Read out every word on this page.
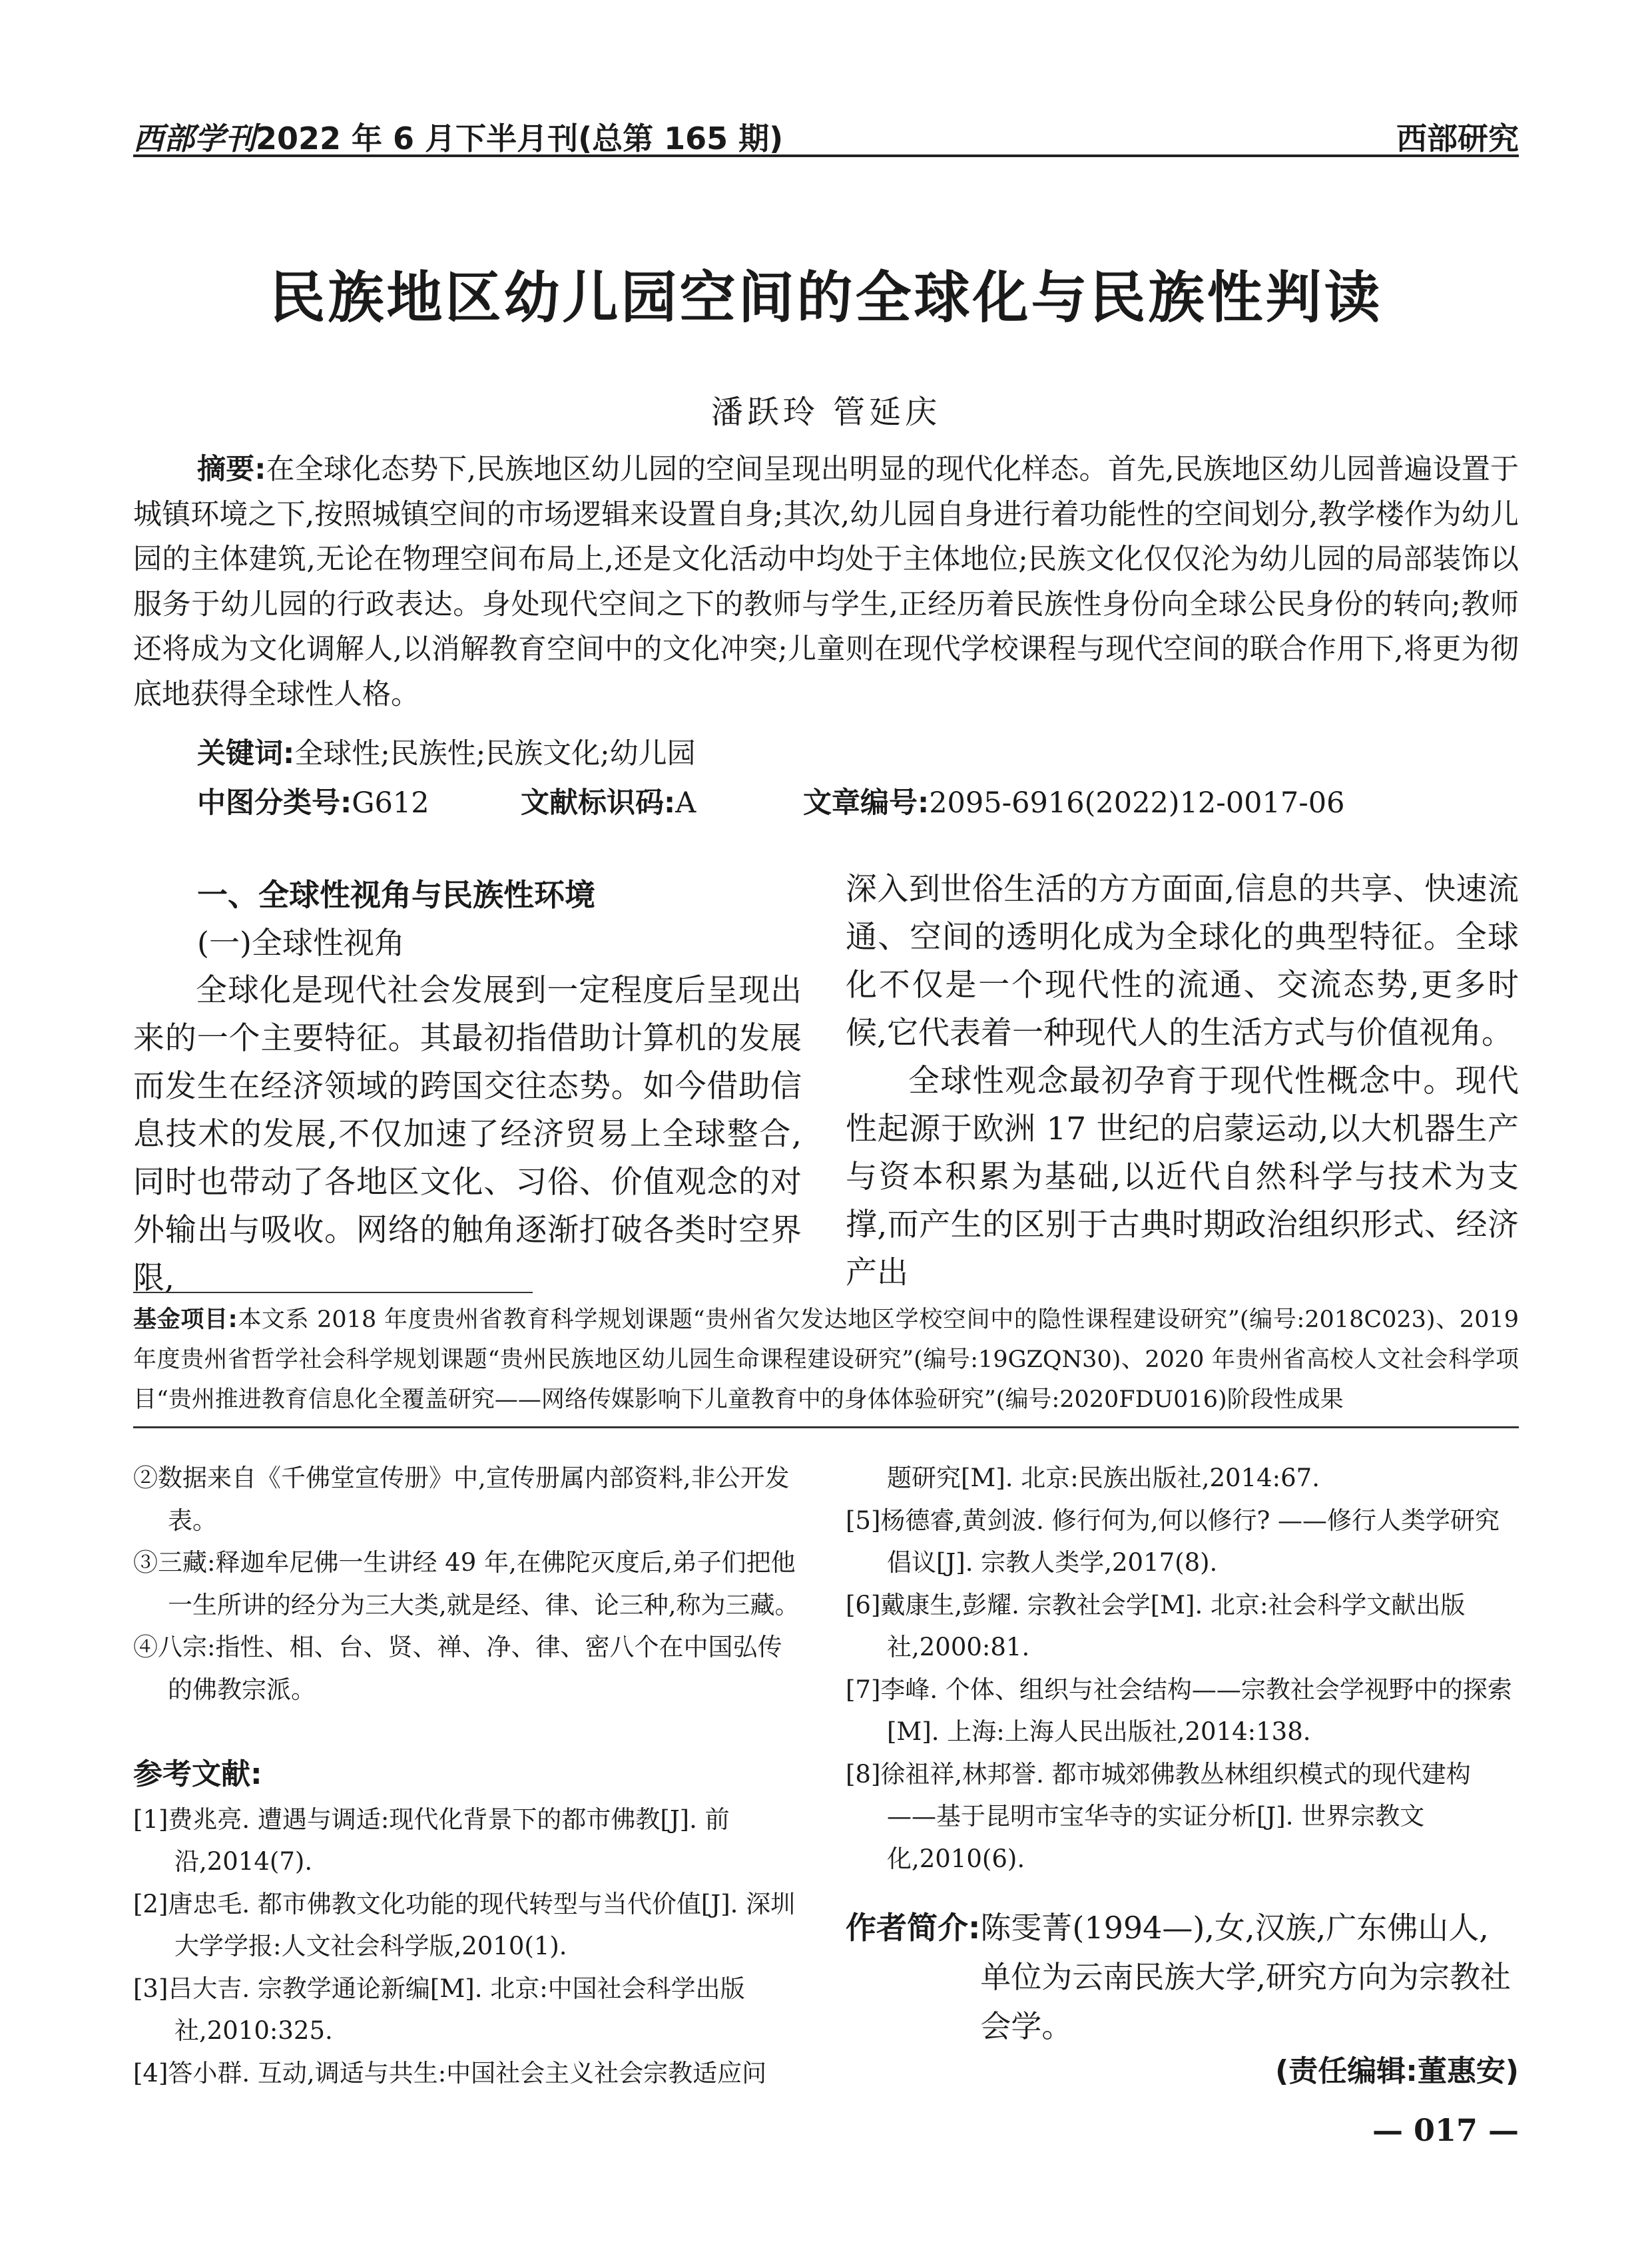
西部学刊2022 年 6 月下半月刊(总第 165 期)	西部研究
民族地区幼儿园空间的全球化与民族性判读
潘跃玲 管延庆
摘要:在全球化态势下,民族地区幼儿园的空间呈现出明显的现代化样态。首先,民族地区幼儿园普遍设置于城镇环境之下,按照城镇空间的市场逻辑来设置自身;其次,幼儿园自身进行着功能性的空间划分,教学楼作为幼儿园的主体建筑,无论在物理空间布局上,还是文化活动中均处于主体地位;民族文化仅仅沦为幼儿园的局部装饰以服务于幼儿园的行政表达。身处现代空间之下的教师与学生,正经历着民族性身份向全球公民身份的转向;教师还将成为文化调解人,以消解教育空间中的文化冲突;儿童则在现代学校课程与现代空间的联合作用下,将更为彻底地获得全球性人格。
关键词:全球性;民族性;民族文化;幼儿园
中图分类号:G612	文献标识码:A	文章编号:2095-6916(2022)12-0017-06
一、全球性视角与民族性环境
(一)全球性视角

全球化是现代社会发展到一定程度后呈现出来的一个主要特征。其最初指借助计算机的发展而发生在经济领域的跨国交往态势。如今借助信息技术的发展,不仅加速了经济贸易上全球整合,同时也带动了各地区文化、习俗、价值观念的对外输出与吸收。网络的触角逐渐打破各类时空界限,

深入到世俗生活的方方面面,信息的共享、快速流通、空间的透明化成为全球化的典型特征。全球化不仅是一个现代性的流通、交流态势,更多时候,它代表着一种现代人的生活方式与价值视角。

全球性观念最初孕育于现代性概念中。现代性起源于欧洲 17 世纪的启蒙运动,以大机器生产与资本积累为基础,以近代自然科学与技术为支撑,而产生的区别于古典时期政治组织形式、经济产出

基金项目:本文系 2018 年度贵州省教育科学规划课题“贵州省欠发达地区学校空间中的隐性课程建设研究”(编号:2018C023)、2019 年度贵州省哲学社会科学规划课题“贵州民族地区幼儿园生命课程建设研究”(编号:19GZQN30)、2020 年贵州省高校人文社会科学项目“贵州推进教育信息化全覆盖研究——网络传媒影响下儿童教育中的身体体验研究”(编号:2020FDU016)阶段性成果

②数据来自《千佛堂宣传册》中,宣传册属内部资料,非公开发表。

③三藏:释迦牟尼佛一生讲经 49 年,在佛陀灭度后,弟子们把他一生所讲的经分为三大类,就是经、律、论三种,称为三藏。

④八宗:指性、相、台、贤、禅、净、律、密八个在中国弘传的佛教宗派。

参考文献:

[1]费兆亮. 遭遇与调适:现代化背景下的都市佛教[J]. 前沿,2014(7).

[2]唐忠毛. 都市佛教文化功能的现代转型与当代价值[J]. 深圳大学学报:人文社会科学版,2010(1).

[3]吕大吉. 宗教学通论新编[M]. 北京:中国社会科学出版社,2010:325.

[4]答小群. 互动,调适与共生:中国社会主义社会宗教适应问

题研究[M]. 北京:民族出版社,2014:67.

[5]杨德睿,黄剑波. 修行何为,何以修行? ——修行人类学研究倡议[J]. 宗教人类学,2017(8).

[6]戴康生,彭耀. 宗教社会学[M]. 北京:社会科学文献出版社,2000:81.

[7]李峰. 个体、组织与社会结构——宗教社会学视野中的探索[M]. 上海:上海人民出版社,2014:138.

[8]徐祖祥,林邦誉. 都市城郊佛教丛林组织模式的现代建构——基于昆明市宝华寺的实证分析[J]. 世界宗教文化,2010(6).

作者简介: 陈雯菁(1994—),女,汉族,广东佛山人,单位为云南民族大学,研究方向为宗教社会学。
(责任编辑:董惠安)
— 017 —
